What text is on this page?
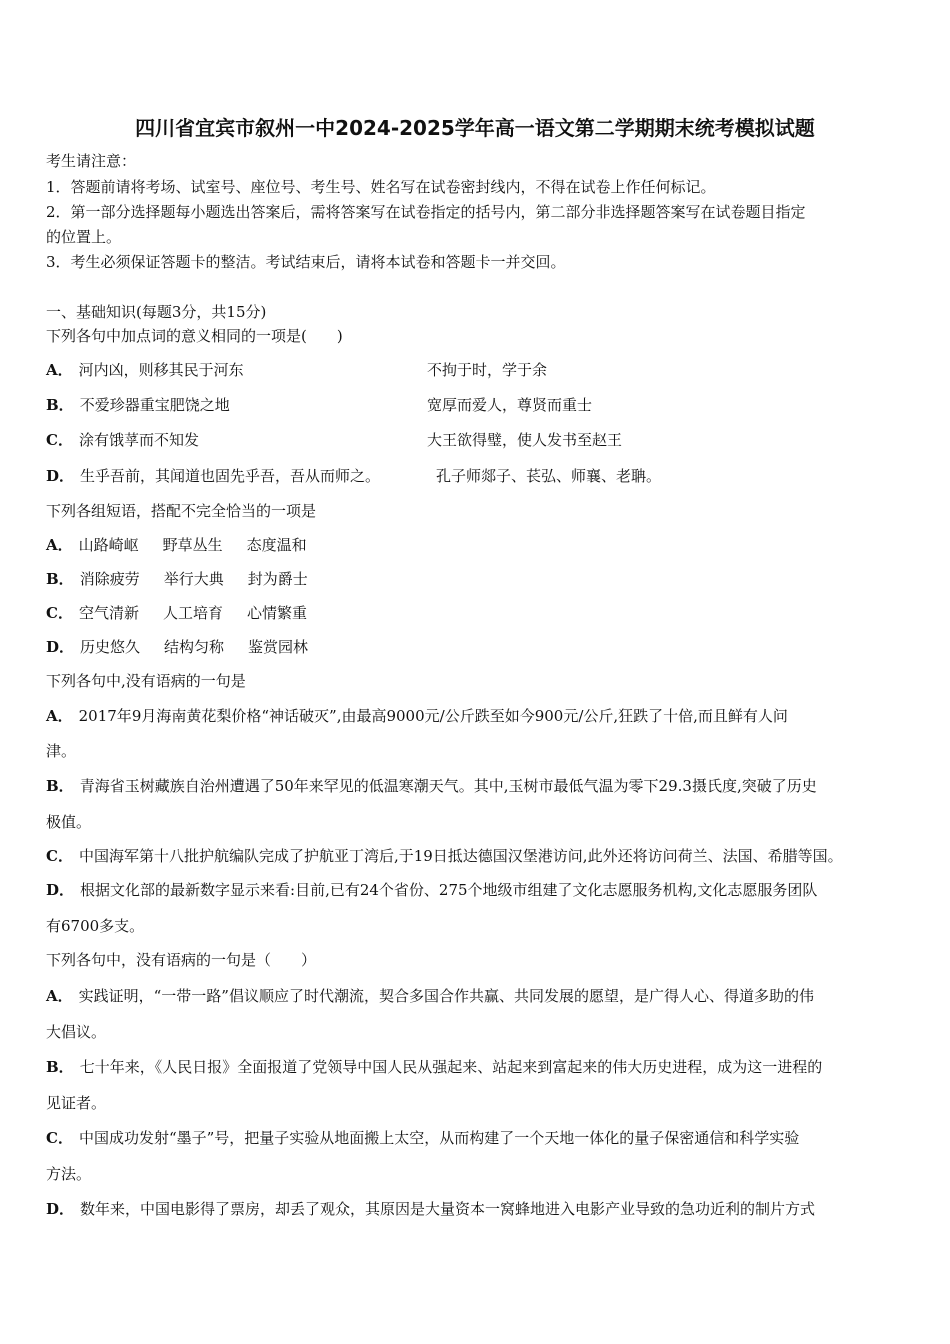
四川省宜宾市叙州一中2024-2025学年高一语文第二学期期末统考模拟试题
考生请注意：
1．答题前请将考场、试室号、座位号、考生号、姓名写在试卷密封线内，不得在试卷上作任何标记。
2．第一部分选择题每小题选出答案后，需将答案写在试卷指定的括号内，第二部分非选择题答案写在试卷题目指定
的位置上。
3．考生必须保证答题卡的整洁。考试结束后，请将本试卷和答题卡一并交回。
一、基础知识(每题3分，共15分)
下列各句中加点词的意义相同的一项是(　　)
A． 河内凶，则移其民于河东	不拘于时，学于余
B． 不爱珍器重宝肥饶之地	宽厚而爱人，尊贤而重士
C． 涂有饿莩而不知发	大王欲得璧，使人发书至赵王
D． 生乎吾前，其闻道也固先乎吾，吾从而师之。	孔子师郯子、苌弘、师襄、老聃。
下列各组短语，搭配不完全恰当的一项是
A． 山路崎岖 野草丛生 态度温和
B． 消除疲劳 举行大典 封为爵士
C． 空气清新 人工培育 心情繁重
D． 历史悠久 结构匀称 鉴赏园林
下列各句中,没有语病的一句是
A． 2017年9月海南黄花梨价格“神话破灭”,由最高9000元/公斤跌至如今900元/公斤,狂跌了十倍,而且鲜有人问
津。
B． 青海省玉树藏族自治州遭遇了50年来罕见的低温寒潮天气。其中,玉树市最低气温为零下29.3摄氏度,突破了历史
极值。
C． 中国海军第十八批护航编队完成了护航亚丁湾后,于19日抵达德国汉堡港访问,此外还将访问荷兰、法国、希腊等国。
D． 根据文化部的最新数字显示来看:目前,已有24个省份、275个地级市组建了文化志愿服务机构,文化志愿服务团队
有6700多支。
下列各句中，没有语病的一句是（　　）
A． 实践证明，“一带一路”倡议顺应了时代潮流，契合多国合作共赢、共同发展的愿望，是广得人心、得道多助的伟
大倡议。
B． 七十年来，《人民日报》全面报道了党领导中国人民从强起来、站起来到富起来的伟大历史进程，成为这一进程的
见证者。
C． 中国成功发射“墨子”号，把量子实验从地面搬上太空，从而构建了一个天地一体化的量子保密通信和科学实验
方法。
D． 数年来，中国电影得了票房，却丢了观众，其原因是大量资本一窝蜂地进入电影产业导致的急功近利的制片方式
